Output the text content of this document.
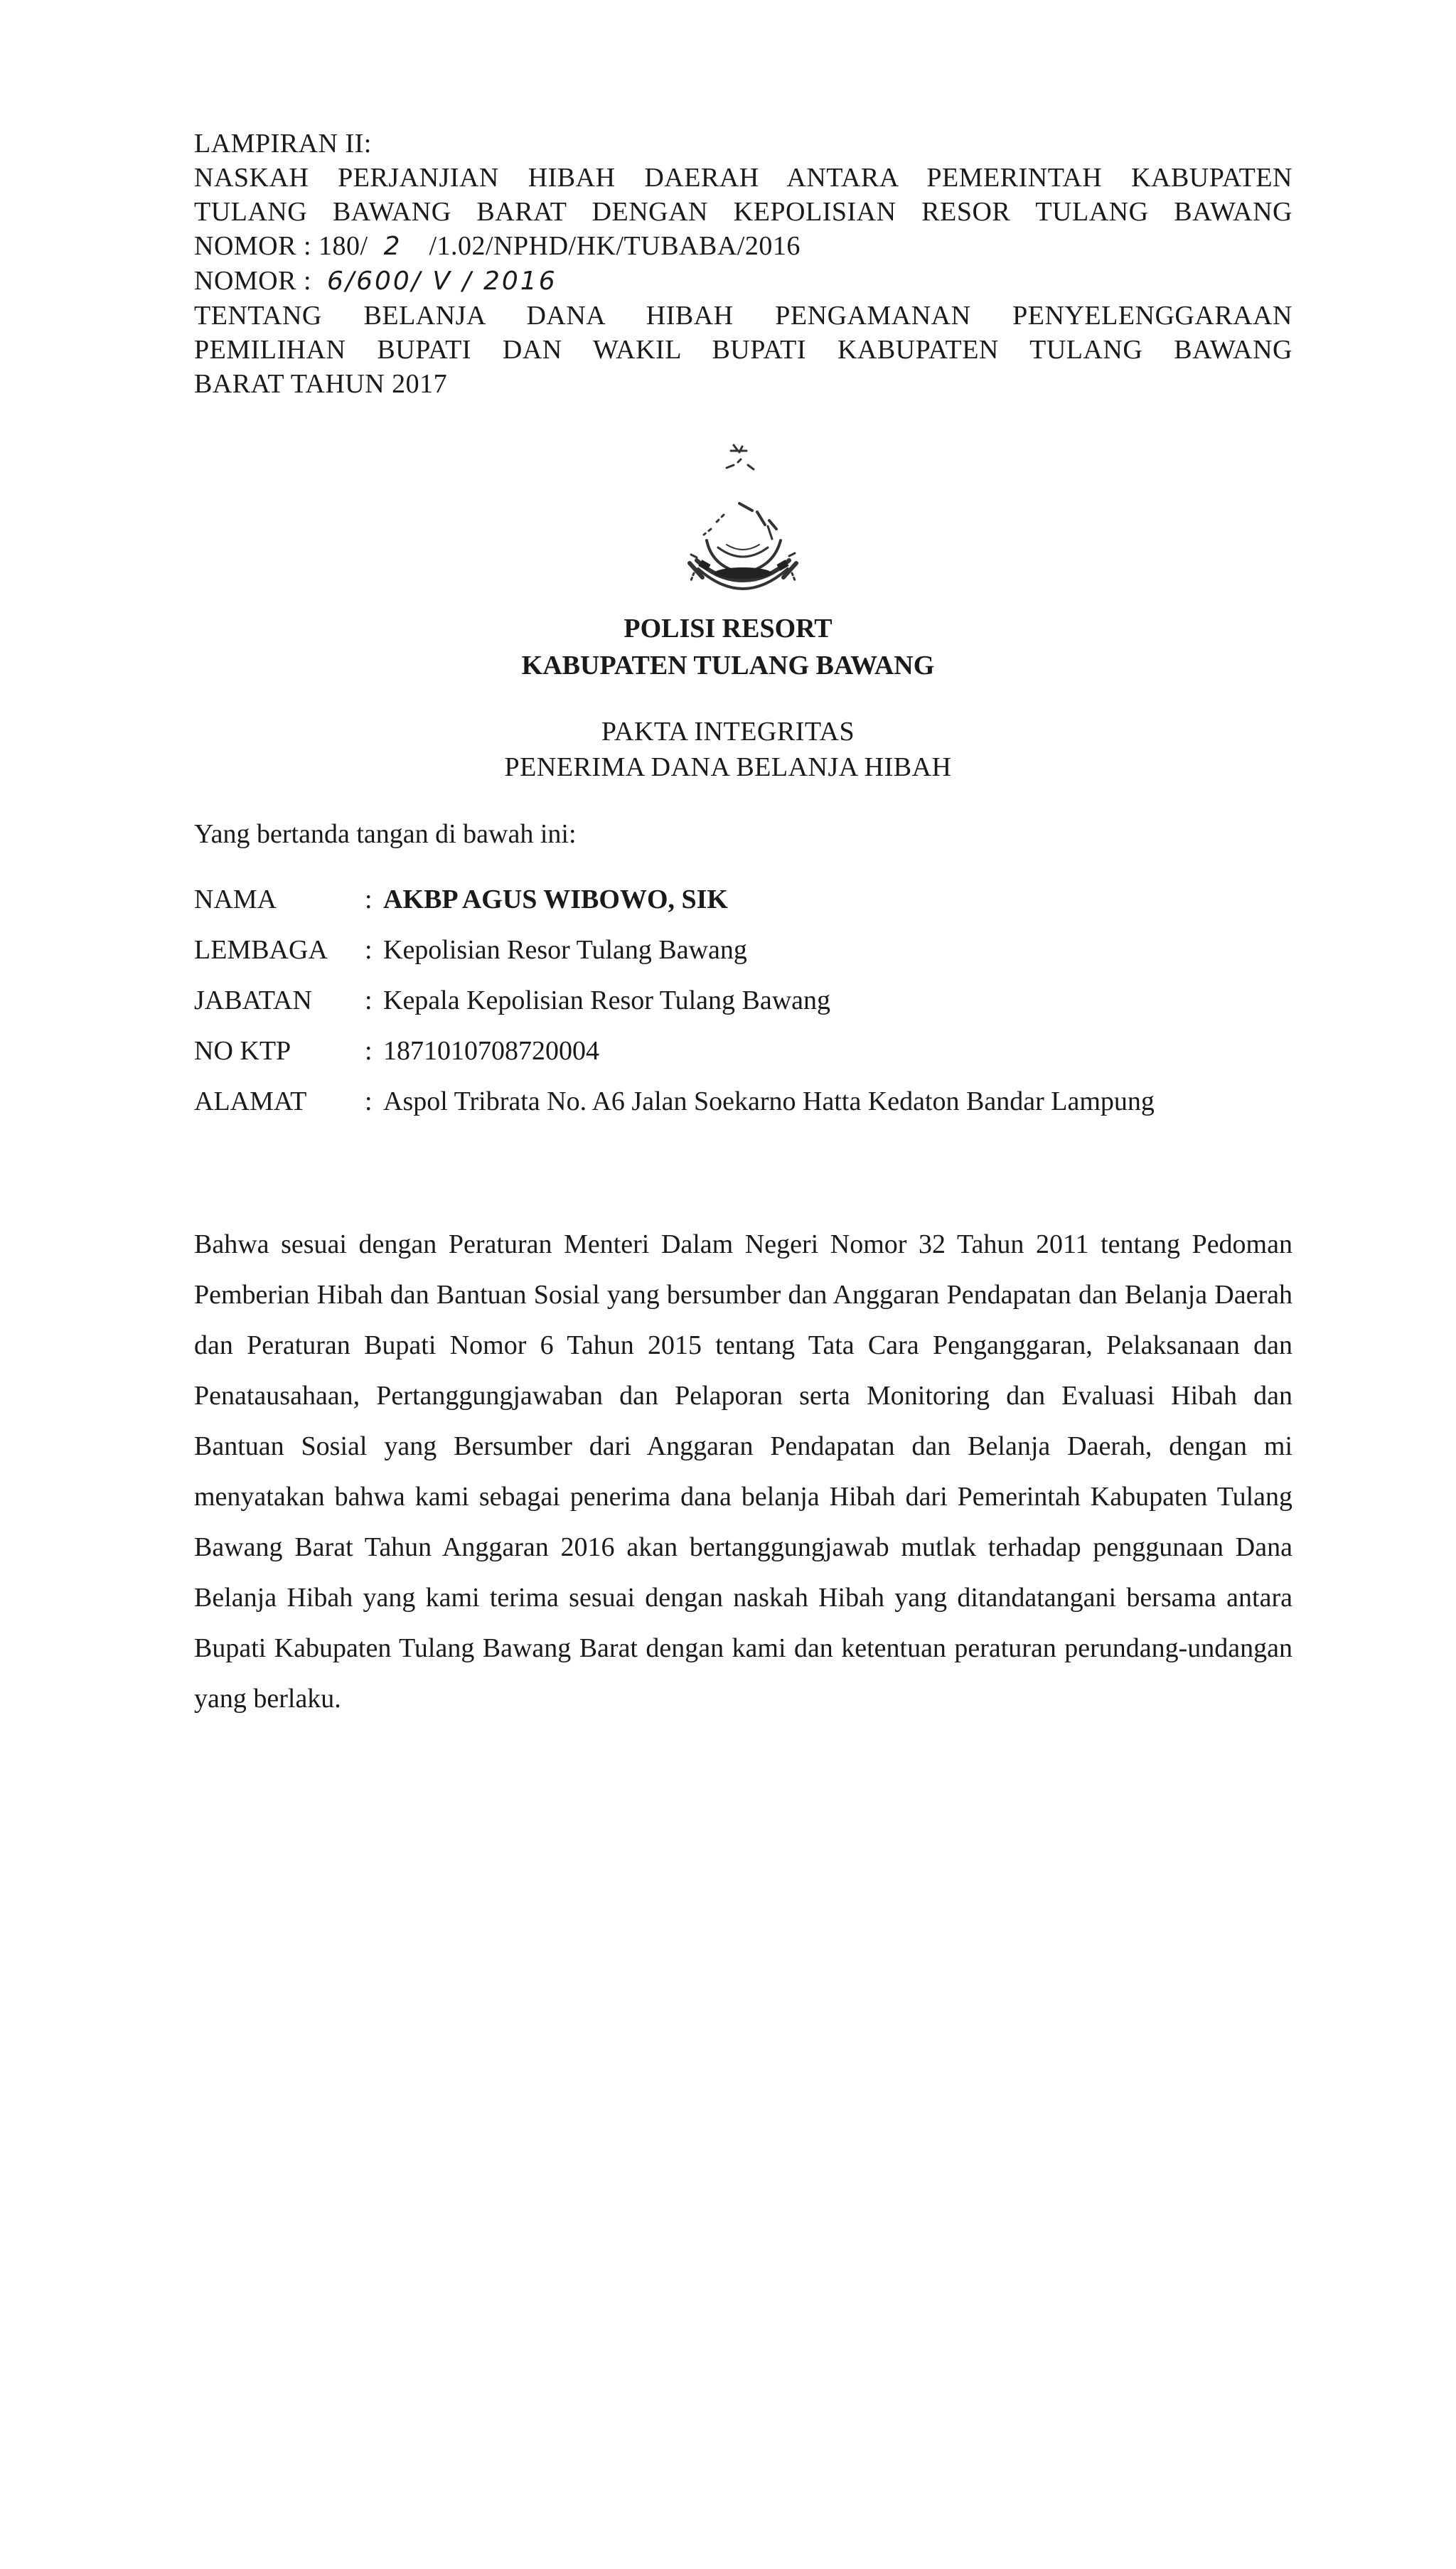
LAMPIRAN II:
NASKAH PERJANJIAN HIBAH DAERAH ANTARA PEMERINTAH KABUPATEN
TULANG BAWANG BARAT DENGAN KEPOLISIAN RESOR TULANG BAWANG
NOMOR : 180/ 2 /1.02/NPHD/HK/TUBABA/2016
NOMOR : 6/600/ V / 2016
TENTANG BELANJA DANA HIBAH PENGAMANAN PENYELENGGARAAN
PEMILIHAN BUPATI DAN WAKIL BUPATI KABUPATEN TULANG BAWANG
BARAT TAHUN 2017
POLISI RESORT
KABUPATEN TULANG BAWANG
PAKTA INTEGRITAS
PENERIMA DANA BELANJA HIBAH
Yang bertanda tangan di bawah ini:
NAMA	: AKBP AGUS WIBOWO, SIK
LEMBAGA : Kepolisian Resor Tulang Bawang
JABATAN : Kepala Kepolisian Resor Tulang Bawang
NO KTP	: 1871010708720004
ALAMAT : Aspol Tribrata No. A6 Jalan Soekarno Hatta Kedaton Bandar Lampung
Bahwa sesuai dengan Peraturan Menteri Dalam Negeri Nomor 32 Tahun 2011 tentang Pedoman Pemberian Hibah dan Bantuan Sosial yang bersumber dan Anggaran Pendapatan dan Belanja Daerah dan Peraturan Bupati Nomor 6 Tahun 2015 tentang Tata Cara Penganggaran, Pelaksanaan dan Penatausahaan, Pertanggungjawaban dan Pelaporan serta Monitoring dan Evaluasi Hibah dan Bantuan Sosial yang Bersumber dari Anggaran Pendapatan dan Belanja Daerah, dengan mi menyatakan bahwa kami sebagai penerima dana belanja Hibah dari Pemerintah Kabupaten Tulang Bawang Barat Tahun Anggaran 2016 akan bertanggungjawab mutlak terhadap penggunaan Dana Belanja Hibah yang kami terima sesuai dengan naskah Hibah yang ditandatangani bersama antara Bupati Kabupaten Tulang Bawang Barat dengan kami dan ketentuan peraturan perundang-undangan yang berlaku.
